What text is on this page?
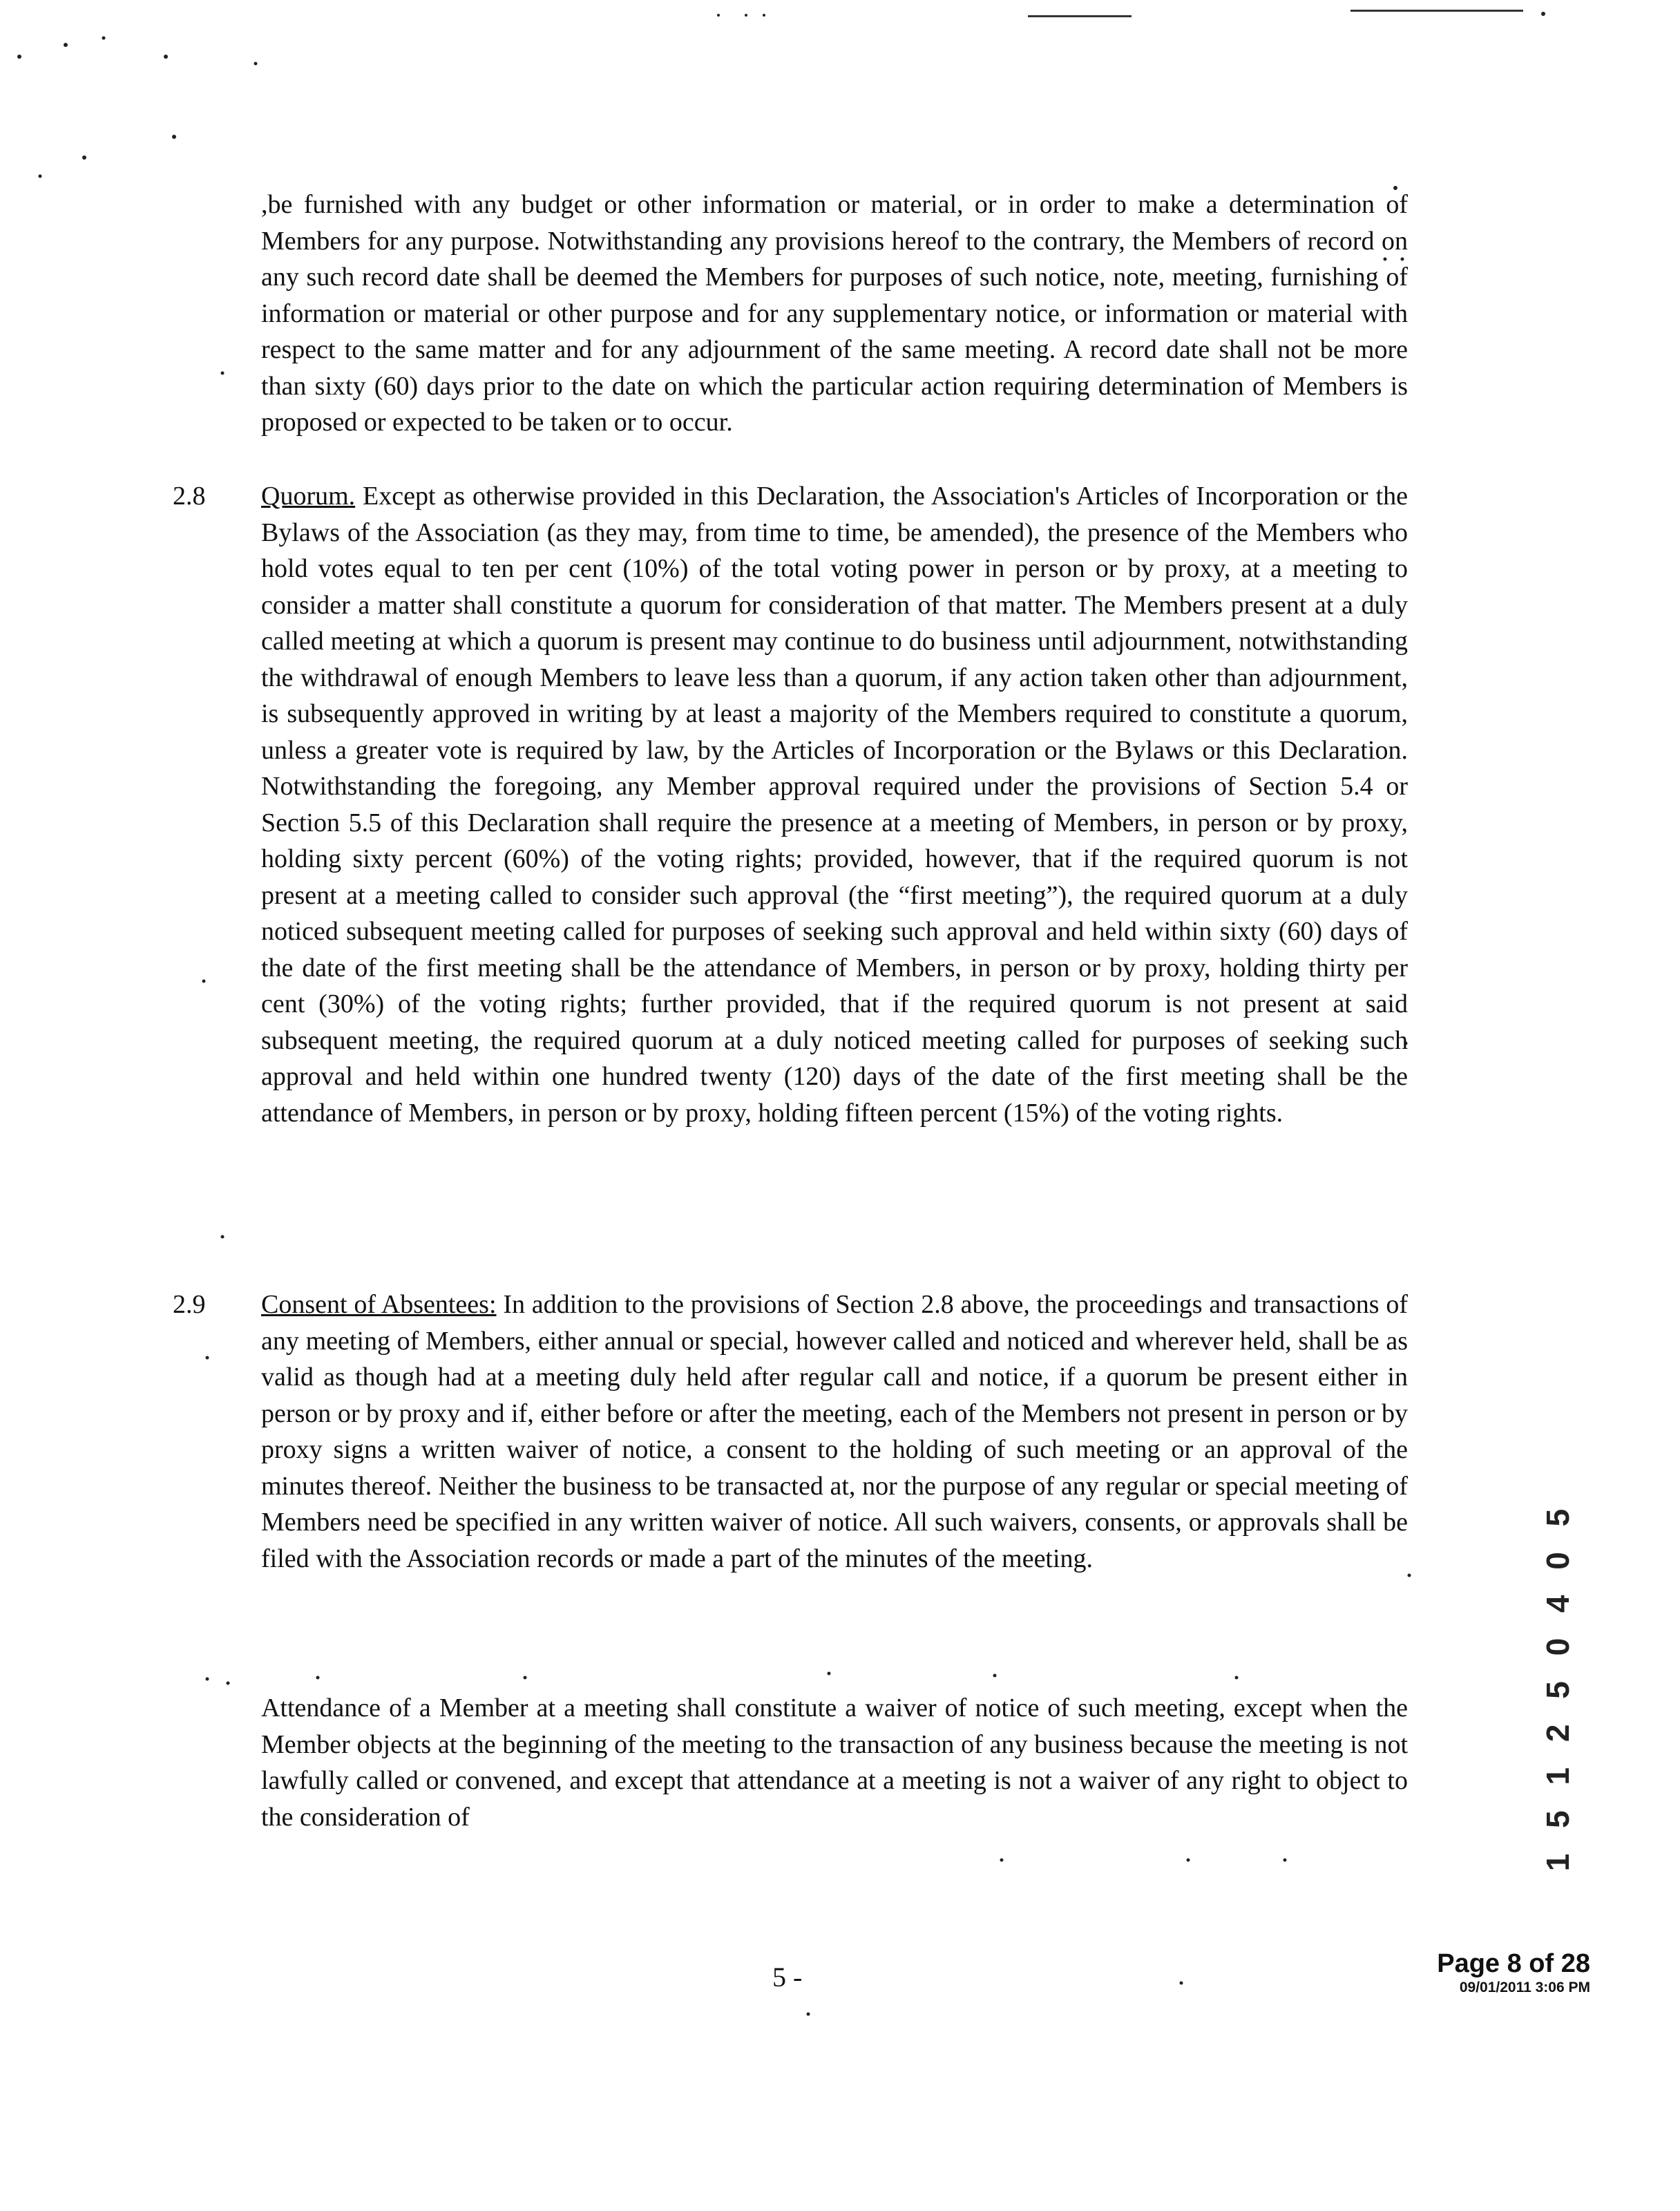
,be furnished with any budget or other information or material, or in order to make a determination of Members for any purpose. Notwithstanding any provisions hereof to the contrary, the Members of record on any such record date shall be deemed the Members for purposes of such notice, note, meeting, furnishing of information or material or other purpose and for any supplementary notice, or information or material with respect to the same matter and for any adjournment of the same meeting. A record date shall not be more than sixty (60) days prior to the date on which the particular action requiring determination of Members is proposed or expected to be taken or to occur.
2.8 Quorum. Except as otherwise provided in this Declaration, the Association's Articles of Incorporation or the Bylaws of the Association (as they may, from time to time, be amended), the presence of the Members who hold votes equal to ten per cent (10%) of the total voting power in person or by proxy, at a meeting to consider a matter shall constitute a quorum for consideration of that matter. The Members present at a duly called meeting at which a quorum is present may continue to do business until adjournment, notwithstanding the withdrawal of enough Members to leave less than a quorum, if any action taken other than adjournment, is subsequently approved in writing by at least a majority of the Members required to constitute a quorum, unless a greater vote is required by law, by the Articles of Incorporation or the Bylaws or this Declaration. Notwithstanding the foregoing, any Member approval required under the provisions of Section 5.4 or Section 5.5 of this Declaration shall require the presence at a meeting of Members, in person or by proxy, holding sixty percent (60%) of the voting rights; provided, however, that if the required quorum is not present at a meeting called to consider such approval (the “first meeting”), the required quorum at a duly noticed subsequent meeting called for purposes of seeking such approval and held within sixty (60) days of the date of the first meeting shall be the attendance of Members, in person or by proxy, holding thirty per cent (30%) of the voting rights; further provided, that if the required quorum is not present at said subsequent meeting, the required quorum at a duly noticed meeting called for purposes of seeking such approval and held within one hundred twenty (120) days of the date of the first meeting shall be the attendance of Members, in person or by proxy, holding fifteen percent (15%) of the voting rights.
2.9 Consent of Absentees: In addition to the provisions of Section 2.8 above, the proceedings and transactions of any meeting of Members, either annual or special, however called and noticed and wherever held, shall be as valid as though had at a meeting duly held after regular call and notice, if a quorum be present either in person or by proxy and if, either before or after the meeting, each of the Members not present in person or by proxy signs a written waiver of notice, a consent to the holding of such meeting or an approval of the minutes thereof. Neither the business to be transacted at, nor the purpose of any regular or special meeting of Members need be specified in any written waiver of notice. All such waivers, consents, or approvals shall be filed with the Association records or made a part of the minutes of the meeting.
Attendance of a Member at a meeting shall constitute a waiver of notice of such meeting, except when the Member objects at the beginning of the meeting to the transaction of any business because the meeting is not lawfully called or convened, and except that attendance at a meeting is not a waiver of any right to object to the consideration of	1 5 1 2 5 0 4 0 5
5 -	Page 8 of 28
09/01/2011 3:06 PM
